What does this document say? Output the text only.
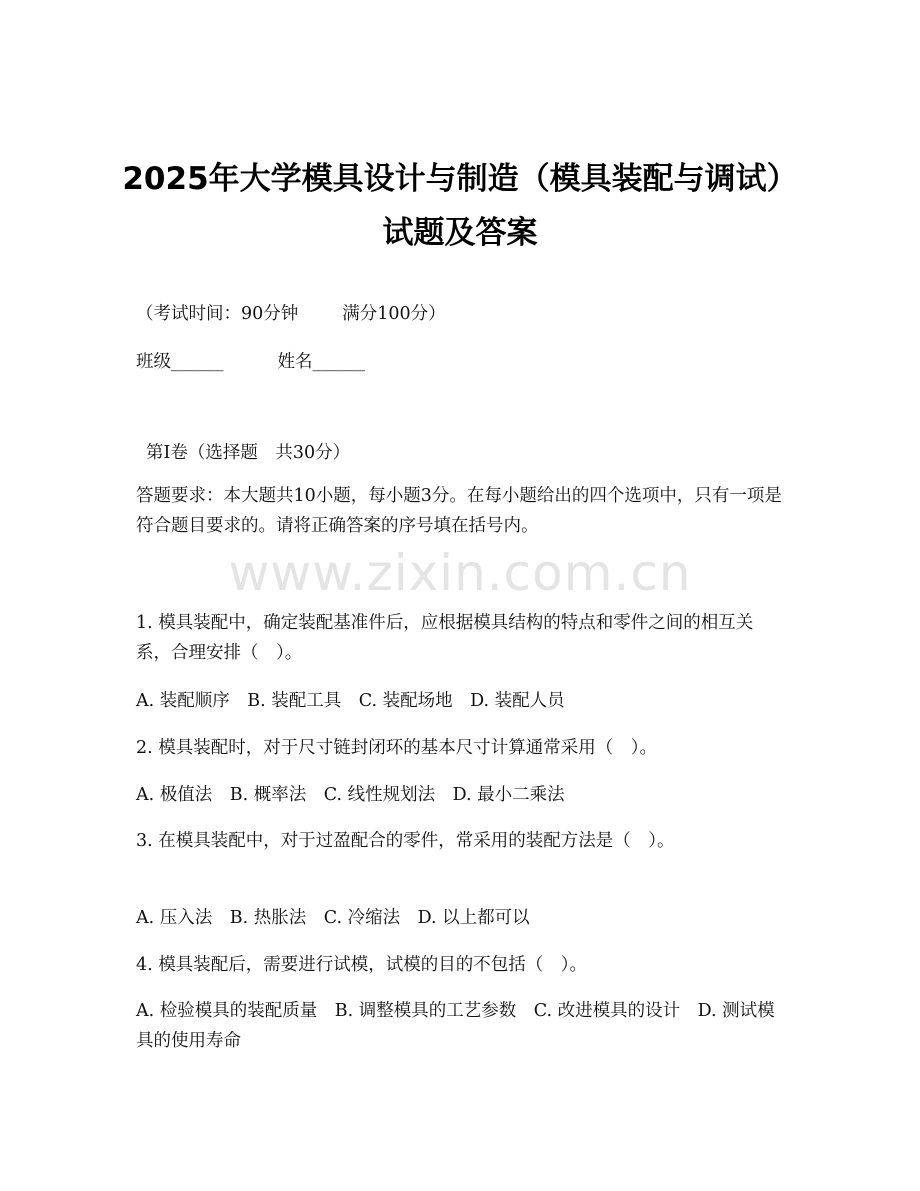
www.zixin.com.cn
2025年大学模具设计与制造（模具装配与调试）试题及答案
（考试时间：90分钟	满分100分）
班级______	姓名______
第Ⅰ卷（选择题　共30分）
答题要求：本大题共10小题，每小题3分。在每小题给出的四个选项中，只有一项是符合题目要求的。请将正确答案的序号填在括号内。
1. 模具装配中，确定装配基准件后，应根据模具结构的特点和零件之间的相互关系，合理安排（　）。
A. 装配顺序　B. 装配工具　C. 装配场地　D. 装配人员
2. 模具装配时，对于尺寸链封闭环的基本尺寸计算通常采用（　）。
A. 极值法　B. 概率法　C. 线性规划法　D. 最小二乘法
3. 在模具装配中，对于过盈配合的零件，常采用的装配方法是（　）。
A. 压入法　B. 热胀法　C. 冷缩法　D. 以上都可以
4. 模具装配后，需要进行试模，试模的目的不包括（　）。
A. 检验模具的装配质量　B. 调整模具的工艺参数　C. 改进模具的设计　D. 测试模具的使用寿命
